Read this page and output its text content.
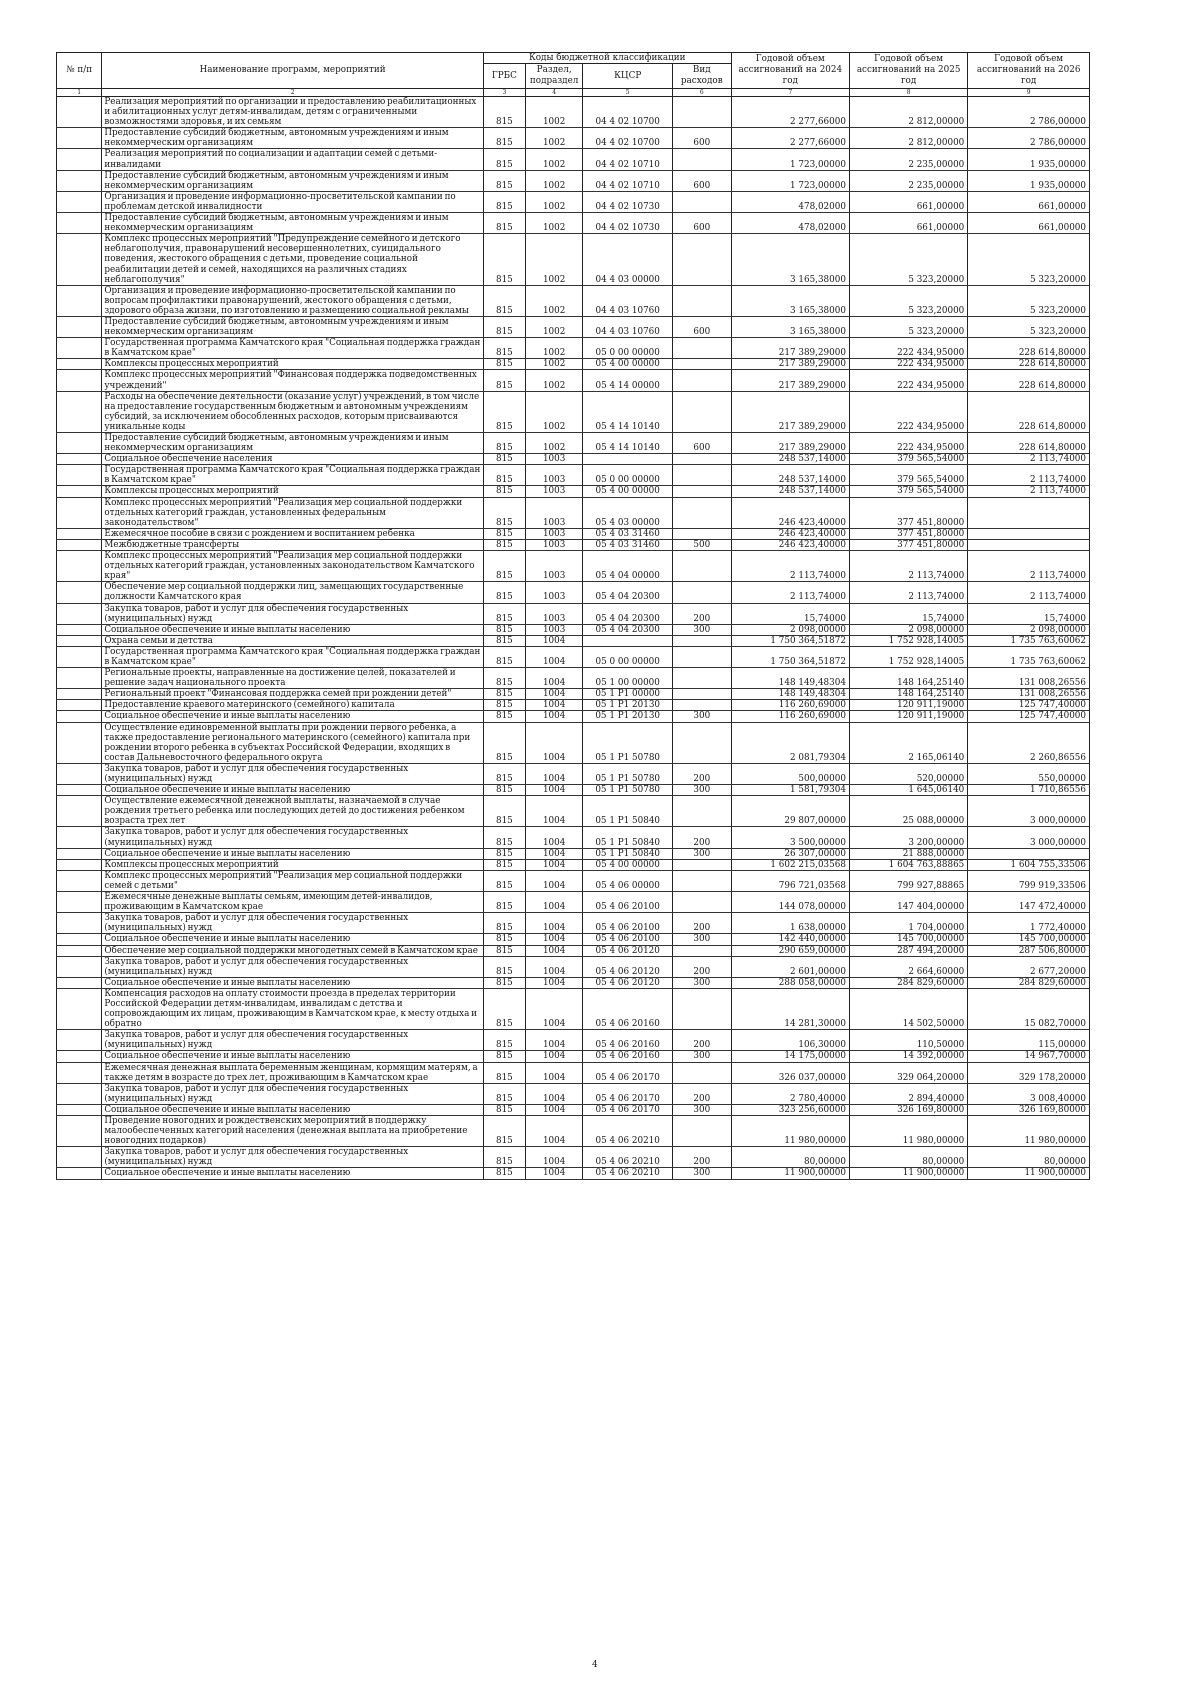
№ п/п	Наименование программ, мероприятий	Коды бюджетной классификации				Годовой объем ассигнований на 2024 год	Годовой объем ассигнований на 2025 год	Годовой объем ассигнований на 2026 год
		ГРБС	Раздел, подраздел	КЦСР	Вид расходов			
1	2	3	4	5	6	7	8	9
	Реализация мероприятий по организации и предоставлению реабилитационных и абилитационных услуг детям-инвалидам, детям с ограниченными возможностями здоровья, и их семьям	815	1002	04 4 02 10700		2 277,66000	2 812,00000	2 786,00000
	Предоставление субсидий бюджетным, автономным учреждениям и иным некоммерческим организациям	815	1002	04 4 02 10700	600	2 277,66000	2 812,00000	2 786,00000
	Реализация мероприятий по социализации и адаптации семей с детьми-инвалидами	815	1002	04 4 02 10710		1 723,00000	2 235,00000	1 935,00000
	Предоставление субсидий бюджетным, автономным учреждениям и иным некоммерческим организациям	815	1002	04 4 02 10710	600	1 723,00000	2 235,00000	1 935,00000
	Организация и проведение информационно-просветительской кампании по проблемам детской инвалидности	815	1002	04 4 02 10730		478,02000	661,00000	661,00000
	Предоставление субсидий бюджетным, автономным учреждениям и иным некоммерческим организациям	815	1002	04 4 02 10730	600	478,02000	661,00000	661,00000
	Комплекс процессных мероприятий "Предупреждение семейного и детского неблагополучия, правонарушений несовершеннолетних, суицидального поведения, жестокого обращения с детьми, проведение социальной реабилитации детей и семей, находящихся на различных стадиях неблагополучия"	815	1002	04 4 03 00000		3 165,38000	5 323,20000	5 323,20000
	Организация и проведение информационно-просветительской кампании по вопросам профилактики правонарушений, жестокого обращения с детьми, здорового образа жизни, по изготовлению и размещению социальной рекламы	815	1002	04 4 03 10760		3 165,38000	5 323,20000	5 323,20000
	Предоставление субсидий бюджетным, автономным учреждениям и иным некоммерческим организациям	815	1002	04 4 03 10760	600	3 165,38000	5 323,20000	5 323,20000
	Государственная программа Камчатского края "Социальная поддержка граждан в Камчатском крае"	815	1002	05 0 00 00000		217 389,29000	222 434,95000	228 614,80000
	Комплексы процессных мероприятий	815	1002	05 4 00 00000		217 389,29000	222 434,95000	228 614,80000
	Комплекс процессных мероприятий "Финансовая поддержка подведомственных учреждений"	815	1002	05 4 14 00000		217 389,29000	222 434,95000	228 614,80000
	Расходы на обеспечение деятельности (оказание услуг) учреждений, в том числе на предоставление государственным бюджетным и автономным учреждениям субсидий, за исключением обособленных расходов, которым присваиваются уникальные коды	815	1002	05 4 14 10140		217 389,29000	222 434,95000	228 614,80000
	Предоставление субсидий бюджетным, автономным учреждениям и иным некоммерческим организациям	815	1002	05 4 14 10140	600	217 389,29000	222 434,95000	228 614,80000
	Социальное обеспечение населения	815	1003			248 537,14000	379 565,54000	2 113,74000
	Государственная программа Камчатского края "Социальная поддержка граждан в Камчатском крае"	815	1003	05 0 00 00000		248 537,14000	379 565,54000	2 113,74000
	Комплексы процессных мероприятий	815	1003	05 4 00 00000		248 537,14000	379 565,54000	2 113,74000
	Комплекс процессных мероприятий "Реализация мер социальной поддержки отдельных категорий граждан, установленных федеральным законодательством"	815	1003	05 4 03 00000		246 423,40000	377 451,80000	
	Ежемесячное пособие в связи с рождением и воспитанием ребенка	815	1003	05 4 03 31460		246 423,40000	377 451,80000	
	Межбюджетные трансферты	815	1003	05 4 03 31460	500	246 423,40000	377 451,80000	
	Комплекс процессных мероприятий "Реализация мер социальной поддержки отдельных категорий граждан, установленных законодательством Камчатского края"	815	1003	05 4 04 00000		2 113,74000	2 113,74000	2 113,74000
	Обеспечение мер социальной поддержки лиц, замещающих государственные должности Камчатского края	815	1003	05 4 04 20300		2 113,74000	2 113,74000	2 113,74000
	Закупка товаров, работ и услуг для обеспечения государственных (муниципальных) нужд	815	1003	05 4 04 20300	200	15,74000	15,74000	15,74000
	Социальное обеспечение и иные выплаты населению	815	1003	05 4 04 20300	300	2 098,00000	2 098,00000	2 098,00000
	Охрана семьи и детства	815	1004			1 750 364,51872	1 752 928,14005	1 735 763,60062
	Государственная программа Камчатского края "Социальная поддержка граждан в Камчатском крае"	815	1004	05 0 00 00000		1 750 364,51872	1 752 928,14005	1 735 763,60062
	Региональные проекты, направленные на достижение целей, показателей и решение задач национального проекта	815	1004	05 1 00 00000		148 149,48304	148 164,25140	131 008,26556
	Региональный проект "Финансовая поддержка семей при рождении детей"	815	1004	05 1 P1 00000		148 149,48304	148 164,25140	131 008,26556
	Предоставление краевого материнского (семейного) капитала	815	1004	05 1 P1 20130		116 260,69000	120 911,19000	125 747,40000
	Социальное обеспечение и иные выплаты населению	815	1004	05 1 P1 20130	300	116 260,69000	120 911,19000	125 747,40000
	Осуществление единовременной выплаты при рождении первого ребенка, а также предоставление регионального материнского (семейного) капитала при рождении второго ребенка в субъектах Российской Федерации, входящих в состав Дальневосточного федерального округа	815	1004	05 1 P1 50780		2 081,79304	2 165,06140	2 260,86556
	Закупка товаров, работ и услуг для обеспечения государственных (муниципальных) нужд	815	1004	05 1 P1 50780	200	500,00000	520,00000	550,00000
	Социальное обеспечение и иные выплаты населению	815	1004	05 1 P1 50780	300	1 581,79304	1 645,06140	1 710,86556
	Осуществление ежемесячной денежной выплаты, назначаемой в случае рождения третьего ребенка или последующих детей до достижения ребенком возраста трех лет	815	1004	05 1 P1 50840		29 807,00000	25 088,00000	3 000,00000
	Закупка товаров, работ и услуг для обеспечения государственных (муниципальных) нужд	815	1004	05 1 P1 50840	200	3 500,00000	3 200,00000	3 000,00000
	Социальное обеспечение и иные выплаты населению	815	1004	05 1 P1 50840	300	26 307,00000	21 888,00000	
	Комплексы процессных мероприятий	815	1004	05 4 00 00000		1 602 215,03568	1 604 763,88865	1 604 755,33506
	Комплекс процессных мероприятий "Реализация мер социальной поддержки семей с детьми"	815	1004	05 4 06 00000		796 721,03568	799 927,88865	799 919,33506
	Ежемесячные денежные выплаты семьям, имеющим детей-инвалидов, проживающим в Камчатском крае	815	1004	05 4 06 20100		144 078,00000	147 404,00000	147 472,40000
	Закупка товаров, работ и услуг для обеспечения государственных (муниципальных) нужд	815	1004	05 4 06 20100	200	1 638,00000	1 704,00000	1 772,40000
	Социальное обеспечение и иные выплаты населению	815	1004	05 4 06 20100	300	142 440,00000	145 700,00000	145 700,00000
	Обеспечение мер социальной поддержки многодетных семей в Камчатском крае	815	1004	05 4 06 20120		290 659,00000	287 494,20000	287 506,80000
	Закупка товаров, работ и услуг для обеспечения государственных (муниципальных) нужд	815	1004	05 4 06 20120	200	2 601,00000	2 664,60000	2 677,20000
	Социальное обеспечение и иные выплаты населению	815	1004	05 4 06 20120	300	288 058,00000	284 829,60000	284 829,60000
	Компенсация расходов на оплату стоимости проезда в пределах территории Российской Федерации детям-инвалидам, инвалидам с детства и сопровождающим их лицам, проживающим в Камчатском крае, к месту отдыха и обратно	815	1004	05 4 06 20160		14 281,30000	14 502,50000	15 082,70000
	Закупка товаров, работ и услуг для обеспечения государственных (муниципальных) нужд	815	1004	05 4 06 20160	200	106,30000	110,50000	115,00000
	Социальное обеспечение и иные выплаты населению	815	1004	05 4 06 20160	300	14 175,00000	14 392,00000	14 967,70000
	Ежемесячная денежная выплата беременным женщинам, кормящим матерям, а также детям в возрасте до трех лет, проживающим в Камчатском крае	815	1004	05 4 06 20170		326 037,00000	329 064,20000	329 178,20000
	Закупка товаров, работ и услуг для обеспечения государственных (муниципальных) нужд	815	1004	05 4 06 20170	200	2 780,40000	2 894,40000	3 008,40000
	Социальное обеспечение и иные выплаты населению	815	1004	05 4 06 20170	300	323 256,60000	326 169,80000	326 169,80000
	Проведение новогодних и рождественских мероприятий в поддержку малообеспеченных категорий населения (денежная выплата на приобретение новогодних подарков)	815	1004	05 4 06 20210		11 980,00000	11 980,00000	11 980,00000
	Закупка товаров, работ и услуг для обеспечения государственных (муниципальных) нужд	815	1004	05 4 06 20210	200	80,00000	80,00000	80,00000
	Социальное обеспечение и иные выплаты населению	815	1004	05 4 06 20210	300	11 900,00000	11 900,00000	11 900,00000
4
